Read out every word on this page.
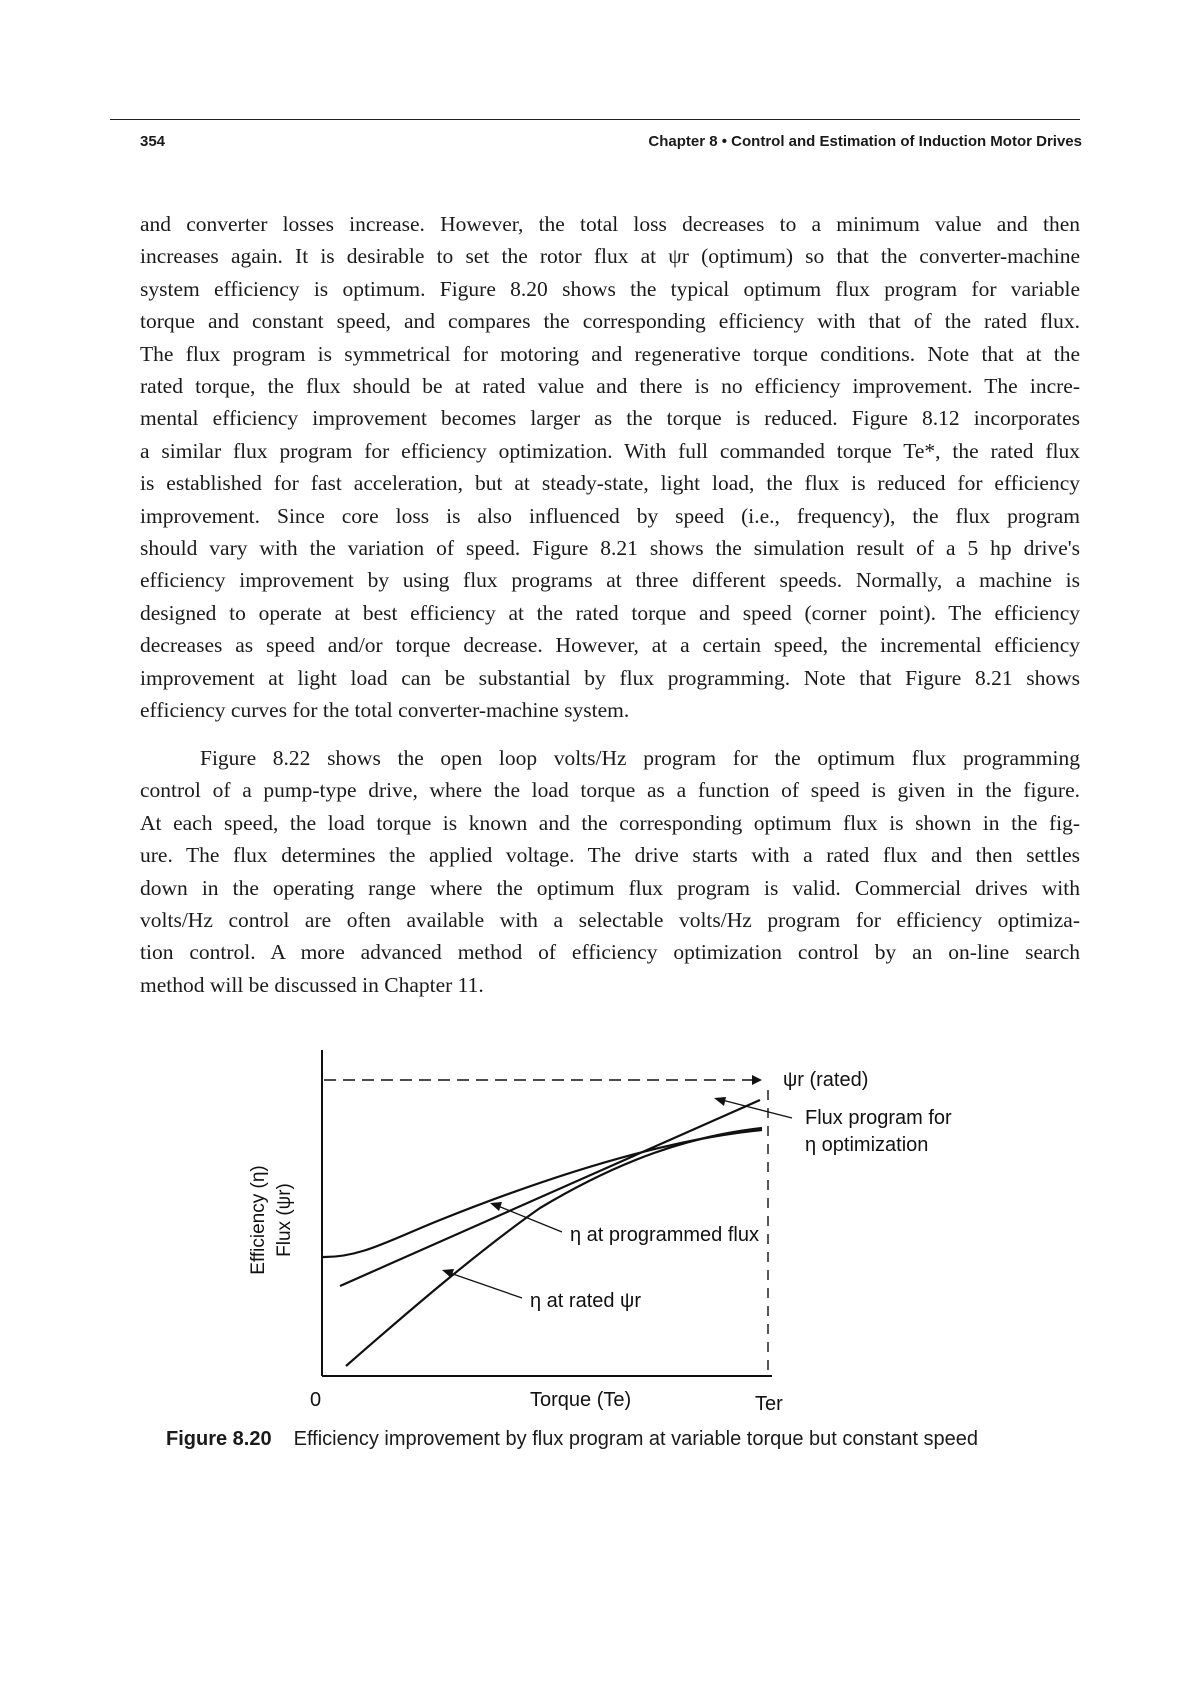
354	Chapter 8 • Control and Estimation of Induction Motor Drives
and converter losses increase. However, the total loss decreases to a minimum value and then
increases again. It is desirable to set the rotor flux at ψr (optimum) so that the converter-machine
system efficiency is optimum. Figure 8.20 shows the typical optimum flux program for variable
torque and constant speed, and compares the corresponding efficiency with that of the rated flux.
The flux program is symmetrical for motoring and regenerative torque conditions. Note that at the
rated torque, the flux should be at rated value and there is no efficiency improvement. The incre-
mental efficiency improvement becomes larger as the torque is reduced. Figure 8.12 incorporates
a similar flux program for efficiency optimization. With full commanded torque Te*, the rated flux
is established for fast acceleration, but at steady-state, light load, the flux is reduced for efficiency
improvement. Since core loss is also influenced by speed (i.e., frequency), the flux program
should vary with the variation of speed. Figure 8.21 shows the simulation result of a 5 hp drive's
efficiency improvement by using flux programs at three different speeds. Normally, a machine is
designed to operate at best efficiency at the rated torque and speed (corner point). The efficiency
decreases as speed and/or torque decrease. However, at a certain speed, the incremental efficiency
improvement at light load can be substantial by flux programming. Note that Figure 8.21 shows
efficiency curves for the total converter-machine system.
Figure 8.22 shows the open loop volts/Hz program for the optimum flux programming
control of a pump-type drive, where the load torque as a function of speed is given in the figure.
At each speed, the load torque is known and the corresponding optimum flux is shown in the fig-
ure. The flux determines the applied voltage. The drive starts with a rated flux and then settles
down in the operating range where the optimum flux program is valid. Commercial drives with
volts/Hz control are often available with a selectable volts/Hz program for efficiency optimiza-
tion control. A more advanced method of efficiency optimization control by an on-line search
method will be discussed in Chapter 11.
Efficiency (η) Flux (ψr)
ψr (rated)
Flux program for
η optimization
η at programmed flux
η at rated ψr
0	Torque (Te)	Ter
Figure 8.20 Efficiency improvement by flux program at variable torque but constant speed
